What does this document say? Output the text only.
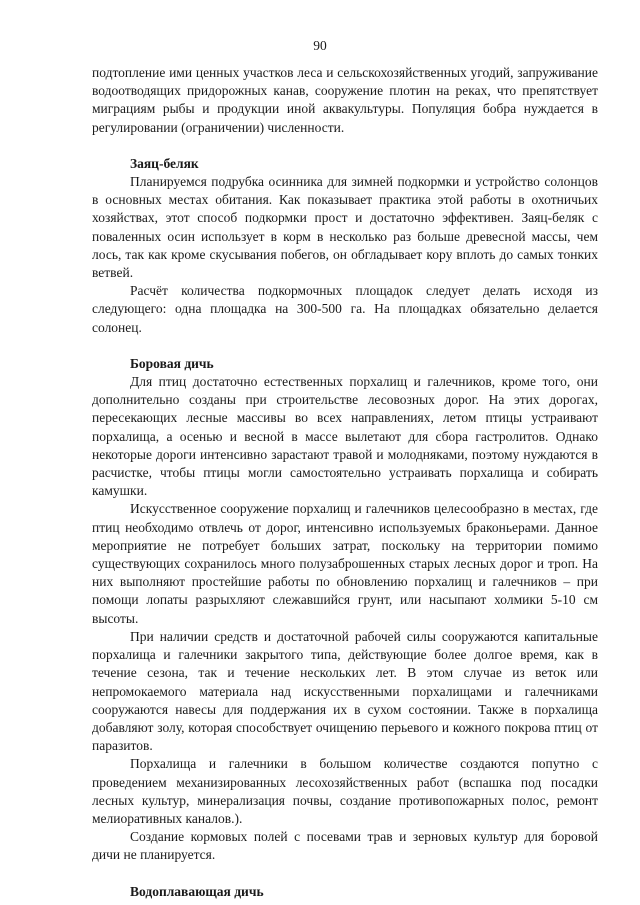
90

подтопление ими ценных участков леса и сельскохозяйственных угодий, запруживание водоотводящих придорожных канав, сооружение плотин на реках, что препятствует миграциям рыбы и продукции иной аквакультуры. Популяция бобра нуждается в регулировании (ограничении) численности.

Заяц-беляк

Планируемся подрубка осинника для зимней подкормки и устройство солонцов в основных местах обитания. Как показывает практика этой работы в охотничьих хозяйствах, этот способ подкормки прост и достаточно эффективен. Заяц-беляк с поваленных осин использует в корм в несколько раз больше древесной массы, чем лось, так как кроме скусывания побегов, он обгладывает кору вплоть до самых тонких ветвей.

Расчёт количества подкормочных площадок следует делать исходя из следующего: одна площадка на 300-500 га. На площадках обязательно делается солонец.

Боровая дичь

Для птиц достаточно естественных порхалищ и галечников, кроме того, они дополнительно созданы при строительстве лесовозных дорог. На этих дорогах, пересекающих лесные массивы во всех направлениях, летом птицы устраивают порхалища, а осенью и весной в массе вылетают для сбора гастролитов. Однако некоторые дороги интенсивно зарастают травой и молодняками, поэтому нуждаются в расчистке, чтобы птицы могли самостоятельно устраивать порхалища и собирать камушки.

Искусственное сооружение порхалищ и галечников целесообразно в местах, где птиц необходимо отвлечь от дорог, интенсивно используемых браконьерами. Данное мероприятие не потребует больших затрат, поскольку на территории помимо существующих сохранилось много полузаброшенных старых лесных дорог и троп. На них выполняют простейшие работы по обновлению порхалищ и галечников – при помощи лопаты разрыхляют слежавшийся грунт, или насыпают холмики 5-10 см высоты.

При наличии средств и достаточной рабочей силы сооружаются капитальные порхалища и галечники закрытого типа, действующие более долгое время, как в течение сезона, так и течение нескольких лет. В этом случае из веток или непромокаемого материала над искусственными порхалищами и галечниками сооружаются навесы для поддержания их в сухом состоянии. Также в порхалища добавляют золу, которая способствует очищению перьевого и кожного покрова птиц от паразитов.

Порхалища и галечники в большом количестве создаются попутно с проведением механизированных лесохозяйственных работ (вспашка под посадки лесных культур, минерализация почвы, создание противопожарных полос, ремонт мелиоративных каналов.).

Создание кормовых полей с посевами трав и зерновых культур для боровой дичи не планируется.

Водоплавающая дичь
